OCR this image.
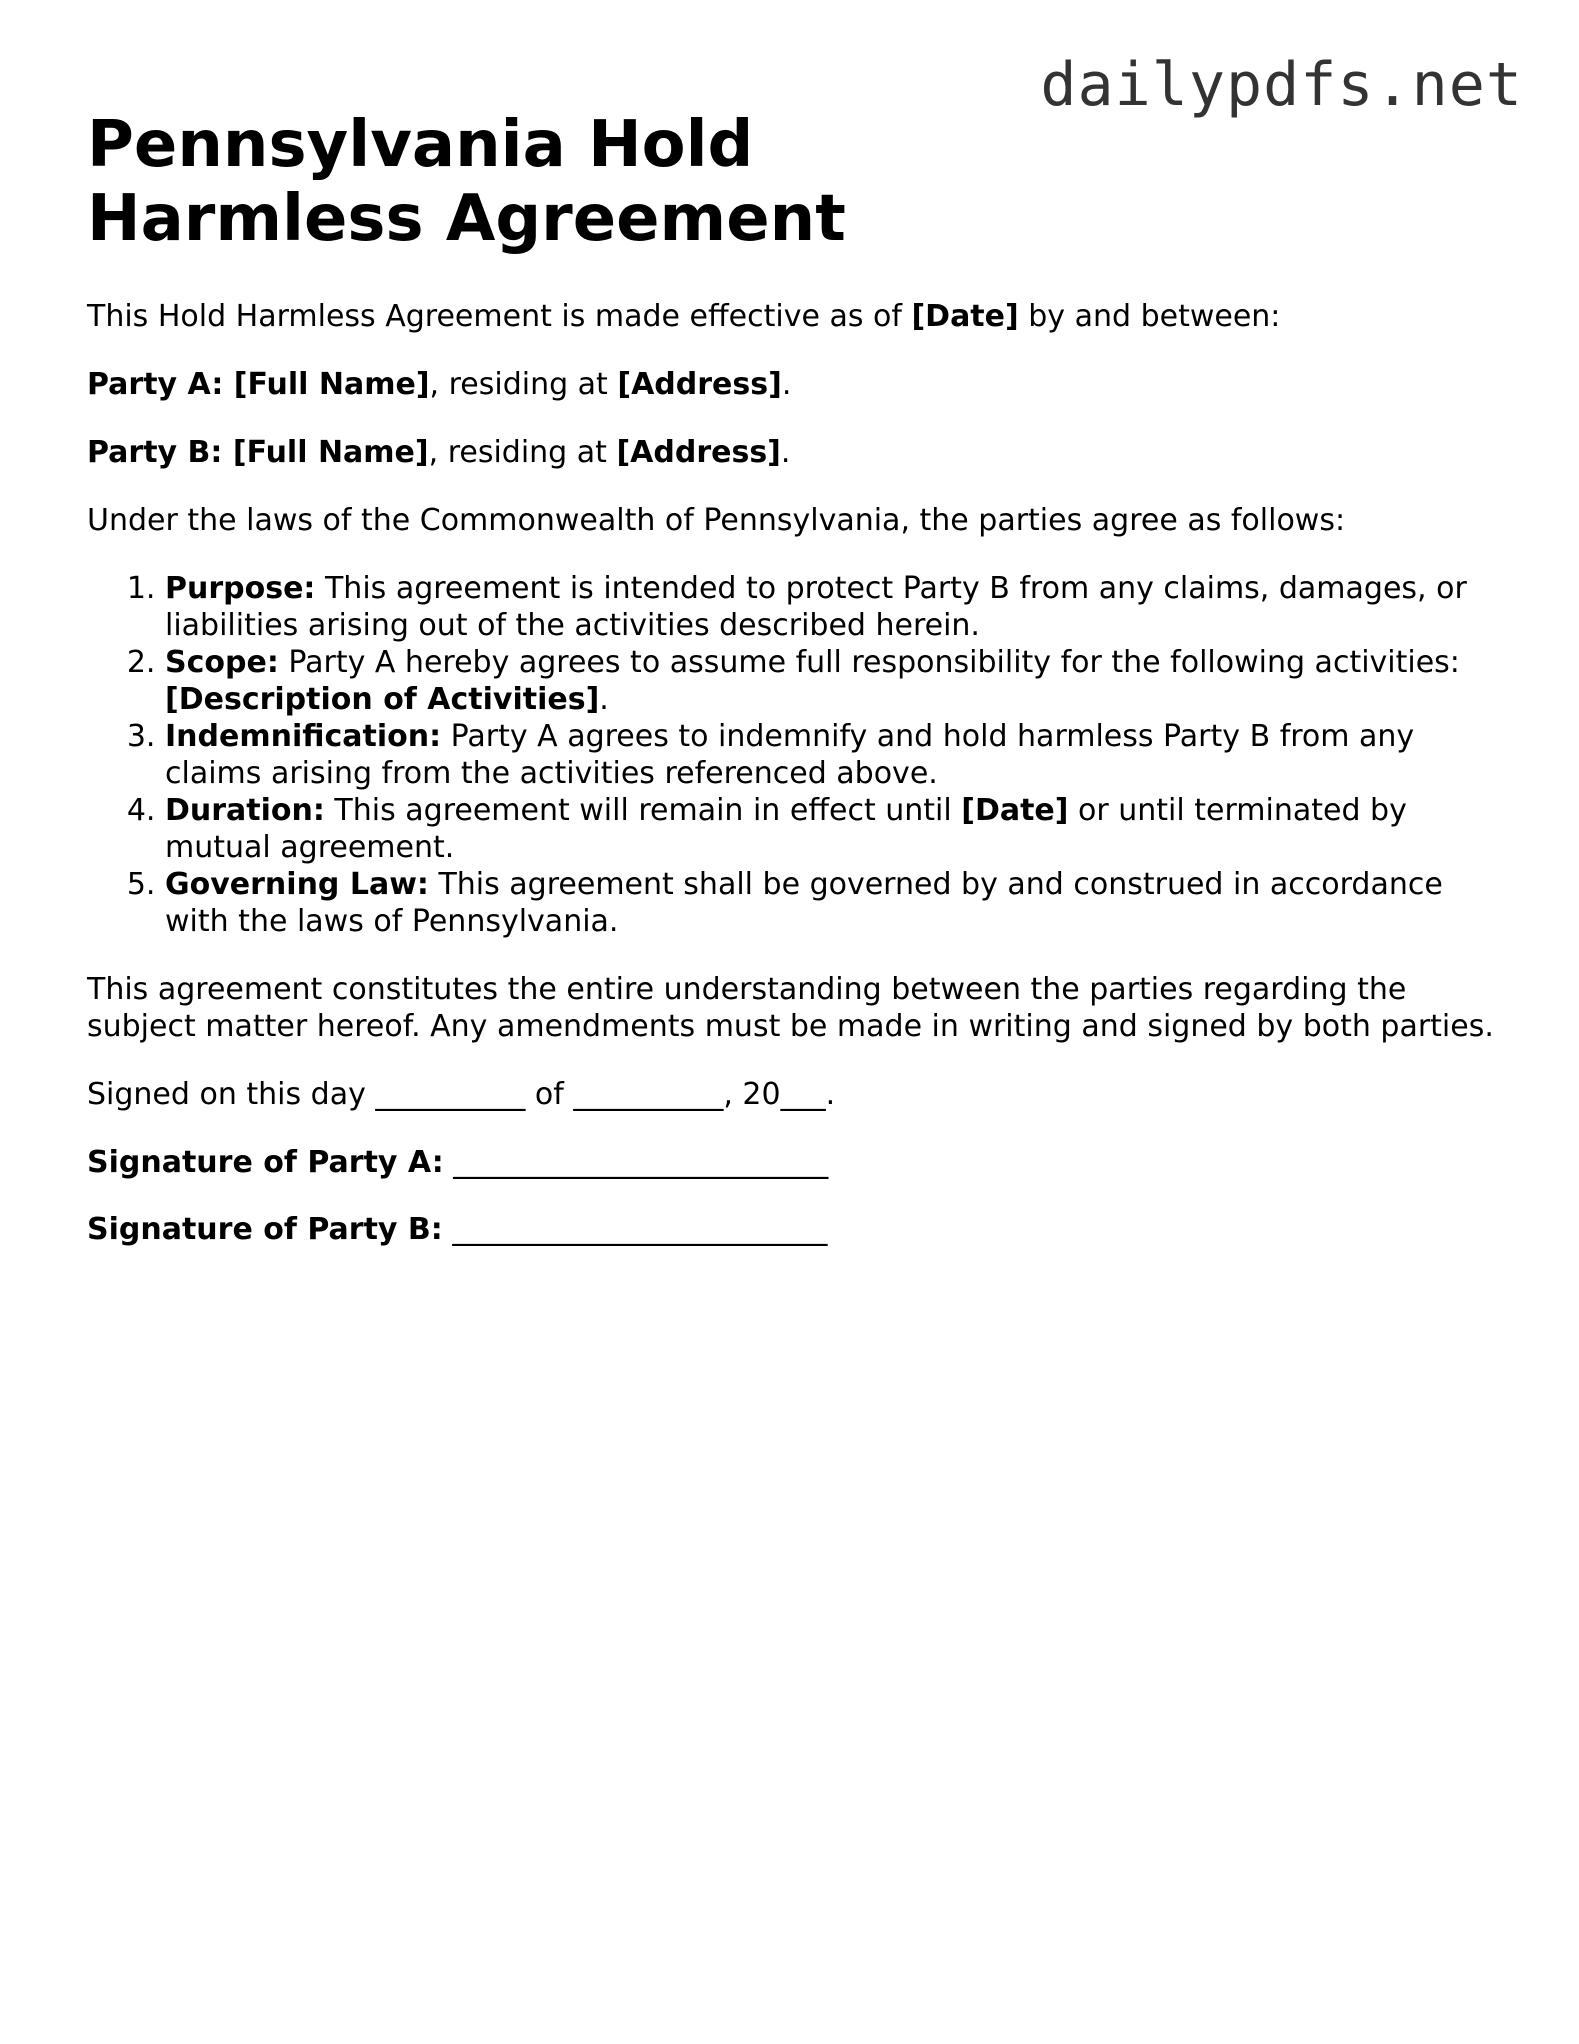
dailypdfs.net
Pennsylvania Hold Harmless Agreement

This Hold Harmless Agreement is made effective as of [Date] by and between:

Party A: [Full Name], residing at [Address].

Party B: [Full Name], residing at [Address].

Under the laws of the Commonwealth of Pennsylvania, the parties agree as follows:

1. Purpose: This agreement is intended to protect Party B from any claims, damages, or liabilities arising out of the activities described herein.
2. Scope: Party A hereby agrees to assume full responsibility for the following activities: [Description of Activities].
3. Indemnification: Party A agrees to indemnify and hold harmless Party B from any claims arising from the activities referenced above.
4. Duration: This agreement will remain in effect until [Date] or until terminated by mutual agreement.
5. Governing Law: This agreement shall be governed by and construed in accordance with the laws of Pennsylvania.

This agreement constitutes the entire understanding between the parties regarding the subject matter hereof. Any amendments must be made in writing and signed by both parties.

Signed on this day __________ of __________, 20___.

Signature of Party A: _________________________

Signature of Party B: _________________________
